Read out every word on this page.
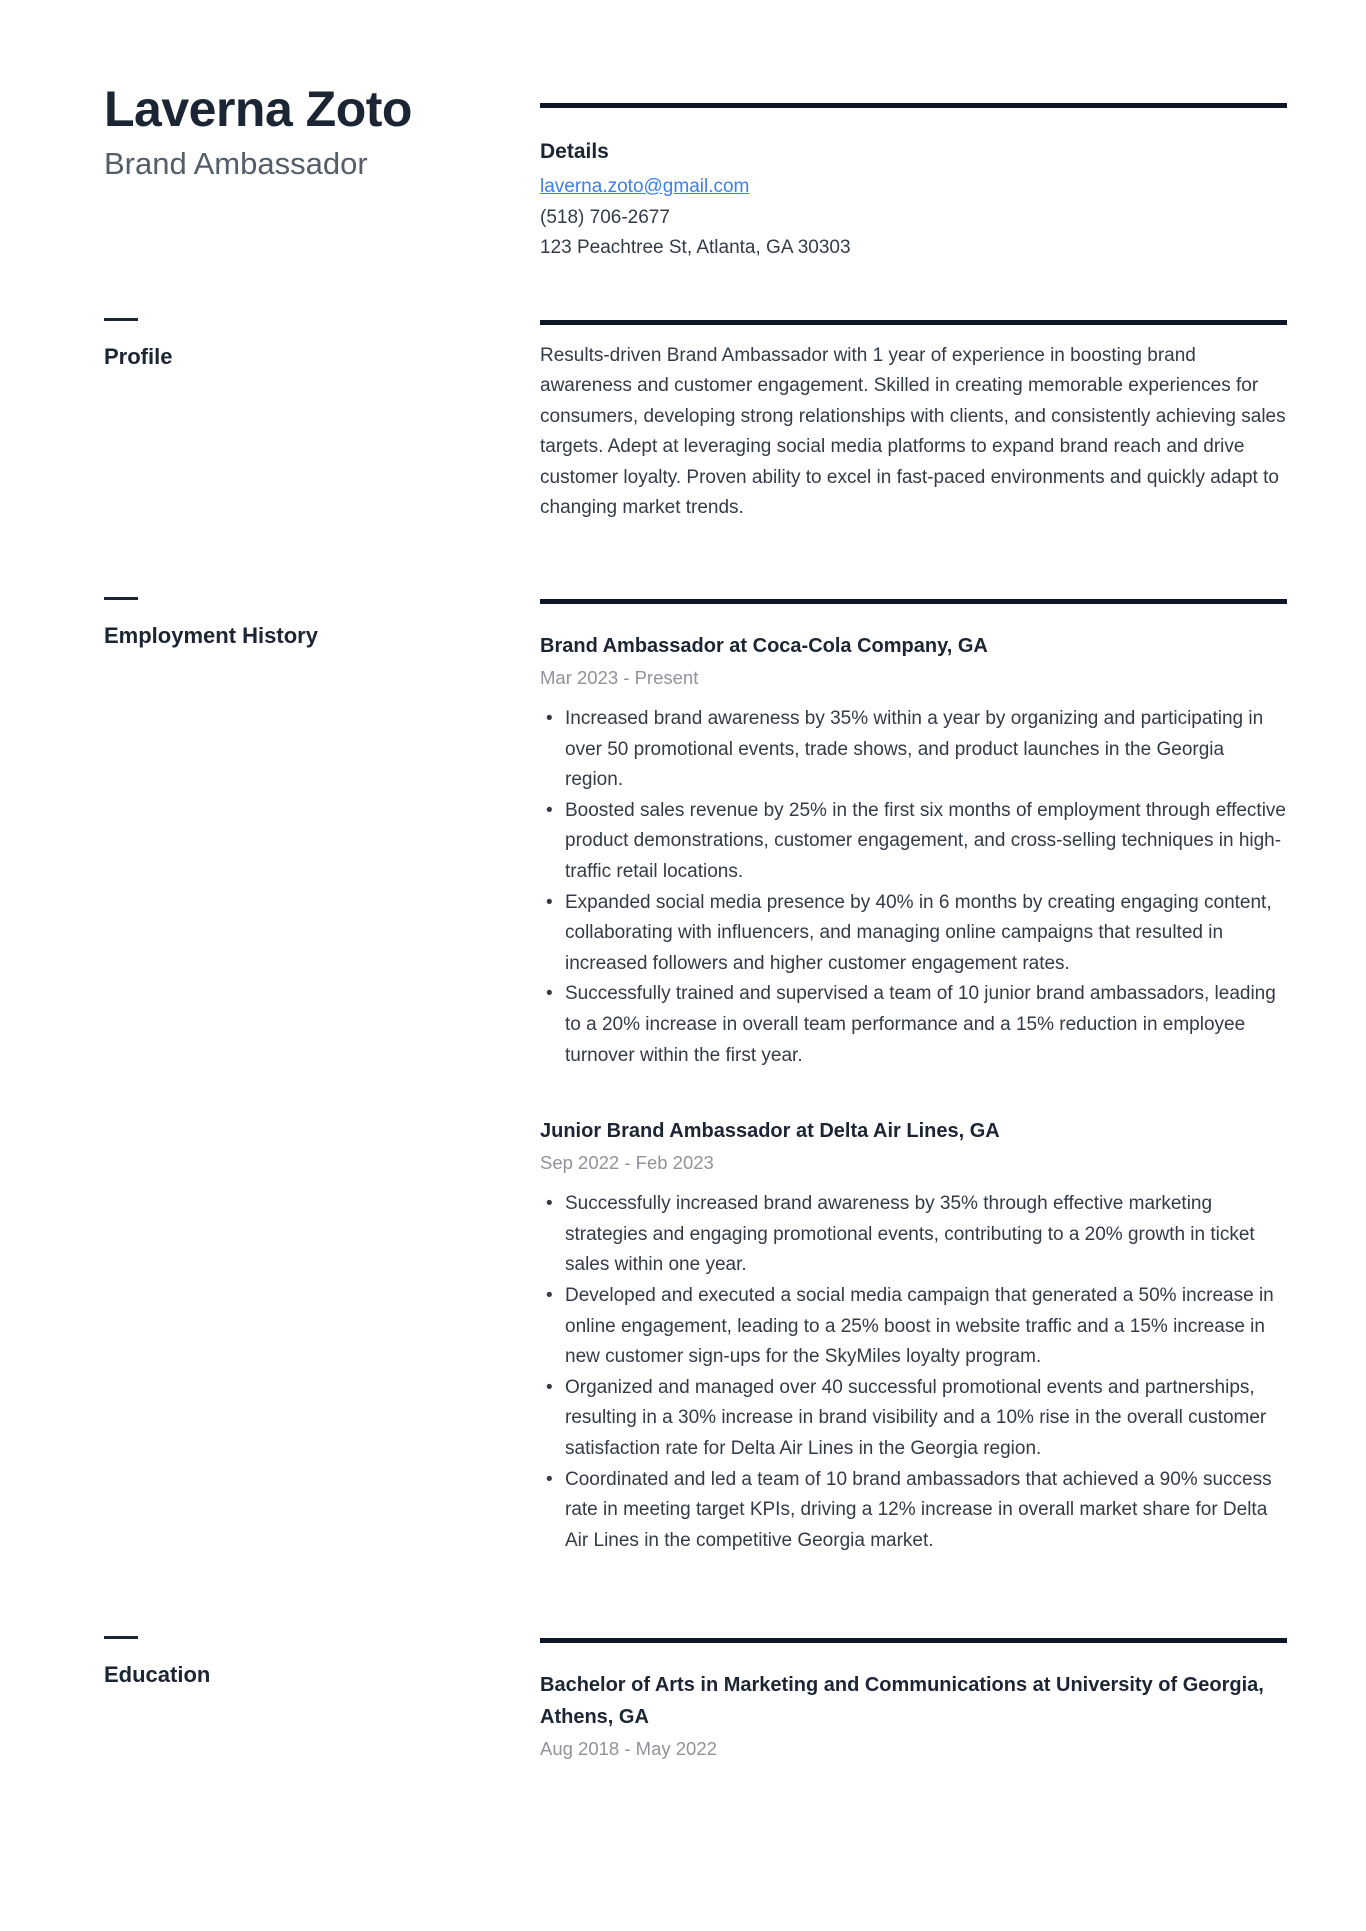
Laverna Zoto
Brand Ambassador	Details
laverna.zoto@gmail.com
(518) 706-2677
123 Peachtree St, Atlanta, GA 30303
Profile	Results-driven Brand Ambassador with 1 year of experience in boosting brand awareness and customer engagement. Skilled in creating memorable experiences for consumers, developing strong relationships with clients, and consistently achieving sales targets. Adept at leveraging social media platforms to expand brand reach and drive customer loyalty. Proven ability to excel in fast-paced environments and quickly adapt to changing market trends.

Employment History	Brand Ambassador at Coca-Cola Company, GA
Mar 2023 - Present
• Increased brand awareness by 35% within a year by organizing and participating in over 50 promotional events, trade shows, and product launches in the Georgia region.
• Boosted sales revenue by 25% in the first six months of employment through effective product demonstrations, customer engagement, and cross-selling techniques in high-traffic retail locations.
• Expanded social media presence by 40% in 6 months by creating engaging content, collaborating with influencers, and managing online campaigns that resulted in increased followers and higher customer engagement rates.
• Successfully trained and supervised a team of 10 junior brand ambassadors, leading to a 20% increase in overall team performance and a 15% reduction in employee turnover within the first year.
Junior Brand Ambassador at Delta Air Lines, GA
Sep 2022 - Feb 2023
• Successfully increased brand awareness by 35% through effective marketing strategies and engaging promotional events, contributing to a 20% growth in ticket sales within one year.
• Developed and executed a social media campaign that generated a 50% increase in online engagement, leading to a 25% boost in website traffic and a 15% increase in new customer sign-ups for the SkyMiles loyalty program.
• Organized and managed over 40 successful promotional events and partnerships, resulting in a 30% increase in brand visibility and a 10% rise in the overall customer satisfaction rate for Delta Air Lines in the Georgia region.
• Coordinated and led a team of 10 brand ambassadors that achieved a 90% success rate in meeting target KPIs, driving a 12% increase in overall market share for Delta Air Lines in the competitive Georgia market.
Education	Bachelor of Arts in Marketing and Communications at University of Georgia, Athens, GA
Aug 2018 - May 2022
